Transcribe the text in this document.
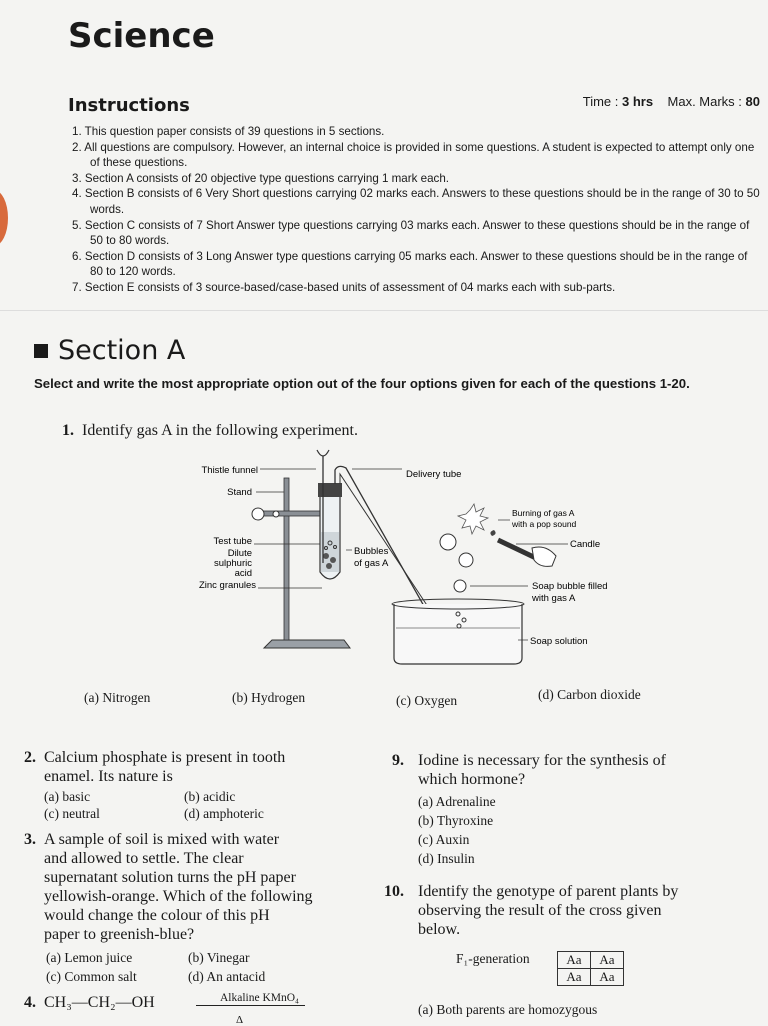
Science
Instructions	Time : 3 hrs Max. Marks : 80
1. This question paper consists of 39 questions in 5 sections.
2. All questions are compulsory. However, an internal choice is provided in some questions. A student is expected to attempt only one of these questions.
3. Section A consists of 20 objective type questions carrying 1 mark each.
4. Section B consists of 6 Very Short questions carrying 02 marks each. Answers to these questions should be in the range of 30 to 50 words.
5. Section C consists of 7 Short Answer type questions carrying 03 marks each. Answer to these questions should be in the range of 50 to 80 words.
6. Section D consists of 3 Long Answer type questions carrying 05 marks each. Answer to these questions should be in the range of 80 to 120 words.
7. Section E consists of 3 source-based/case-based units of assessment of 04 marks each with sub-parts.
Section A
Select and write the most appropriate option out of the four options given for each of the questions 1-20.
1. Identify gas A in the following experiment.
Thistle funnel
Stand
Test tube
Dilute
sulphuric
acid
Zinc granules
Bubbles
of gas A
Delivery tube
Burning of gas A
with a pop sound
Candle
Soap bubble filled
with gas A
Soap solution
(a) Nitrogen	(b) Hydrogen	(c) Oxygen	(d) Carbon dioxide
2. Calcium phosphate is present in tooth
enamel. Its nature is
(a) basic	(b) acidic
(c) neutral	(d) amphoteric
3. A sample of soil is mixed with water
and allowed to settle. The clear
supernatant solution turns the pH paper
yellowish-orange. Which of the following
would change the colour of this pH
paper to greenish-blue?
(a) Lemon juice	(b) Vinegar
(c) Common salt	(d) An antacid
4. CH₃—CH₂—OH	Alkaline KMnO₄
Δ
9. Iodine is necessary for the synthesis of
which hormone?
(a) Adrenaline
(b) Thyroxine
(c) Auxin
(d) Insulin
10. Identify the genotype of parent plants by
observing the result of the cross given
below.
F₁-generation	Aa	Aa
Aa	Aa
(a) Both parents are homozygous
